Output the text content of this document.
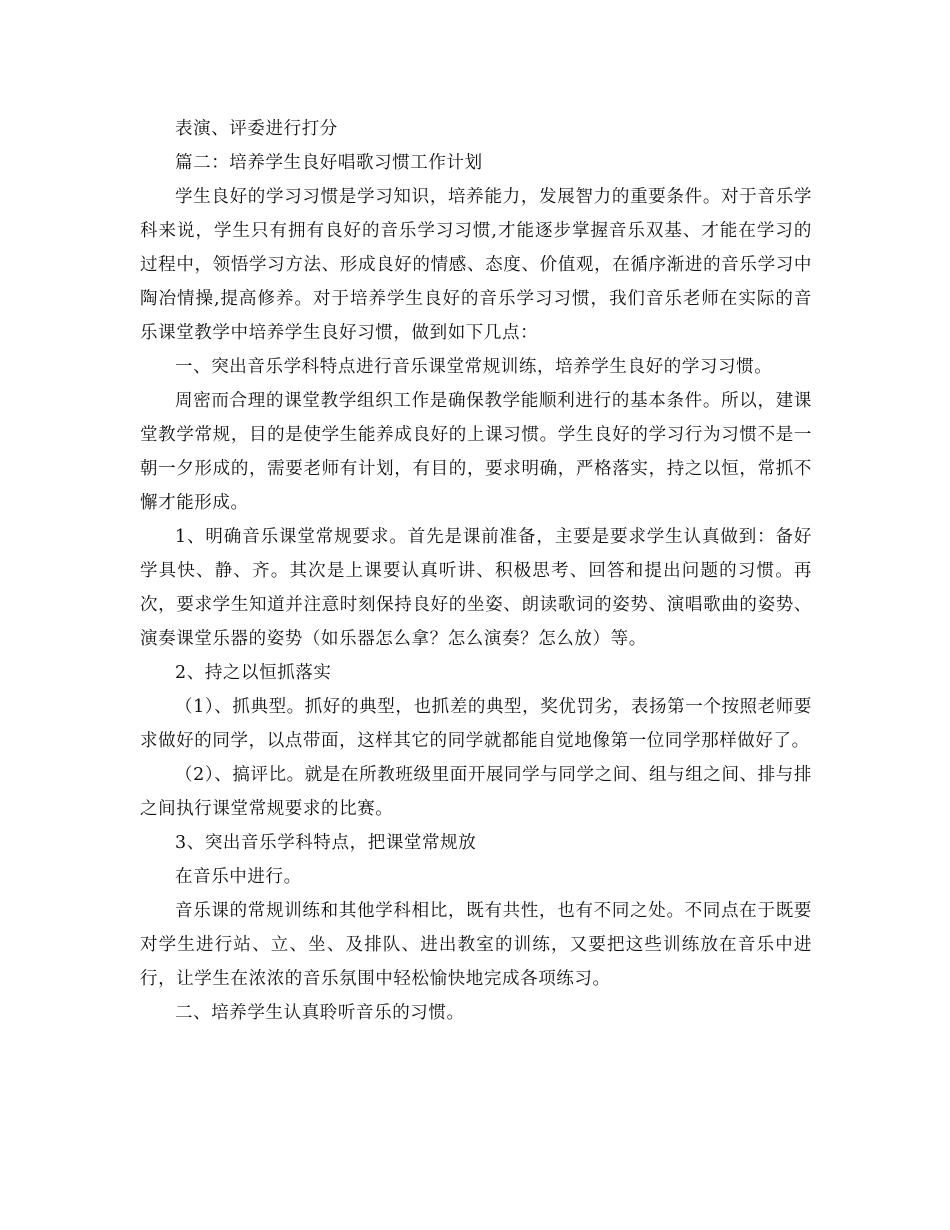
表演、评委进行打分

篇二：培养学生良好唱歌习惯工作计划

学生良好的学习习惯是学习知识，培养能力，发展智力的重要条件。对于音乐学科来说，学生只有拥有良好的音乐学习习惯,才能逐步掌握音乐双基、才能在学习的过程中，领悟学习方法、形成良好的情感、态度、价值观，在循序渐进的音乐学习中陶冶情操,提高修养。对于培养学生良好的音乐学习习惯，我们音乐老师在实际的音乐课堂教学中培养学生良好习惯，做到如下几点：

一、突出音乐学科特点进行音乐课堂常规训练，培养学生良好的学习习惯。

周密而合理的课堂教学组织工作是确保教学能顺利进行的基本条件。所以，建课堂教学常规，目的是使学生能养成良好的上课习惯。学生良好的学习行为习惯不是一朝一夕形成的，需要老师有计划，有目的，要求明确，严格落实，持之以恒，常抓不懈才能形成。

1、明确音乐课堂常规要求。首先是课前准备，主要是要求学生认真做到：备好学具快、静、齐。其次是上课要认真听讲、积极思考、回答和提出问题的习惯。再次，要求学生知道并注意时刻保持良好的坐姿、朗读歌词的姿势、演唱歌曲的姿势、演奏课堂乐器的姿势（如乐器怎么拿？怎么演奏？怎么放）等。

2、持之以恒抓落实

（1）、抓典型。抓好的典型，也抓差的典型，奖优罚劣，表扬第一个按照老师要求做好的同学，以点带面，这样其它的同学就都能自觉地像第一位同学那样做好了。

（2）、搞评比。就是在所教班级里面开展同学与同学之间、组与组之间、排与排之间执行课堂常规要求的比赛。

3、突出音乐学科特点，把课堂常规放

在音乐中进行。

音乐课的常规训练和其他学科相比，既有共性，也有不同之处。不同点在于既要对学生进行站、立、坐、及排队、进出教室的训练，又要把这些训练放在音乐中进行，让学生在浓浓的音乐氛围中轻松愉快地完成各项练习。

二、培养学生认真聆听音乐的习惯。
